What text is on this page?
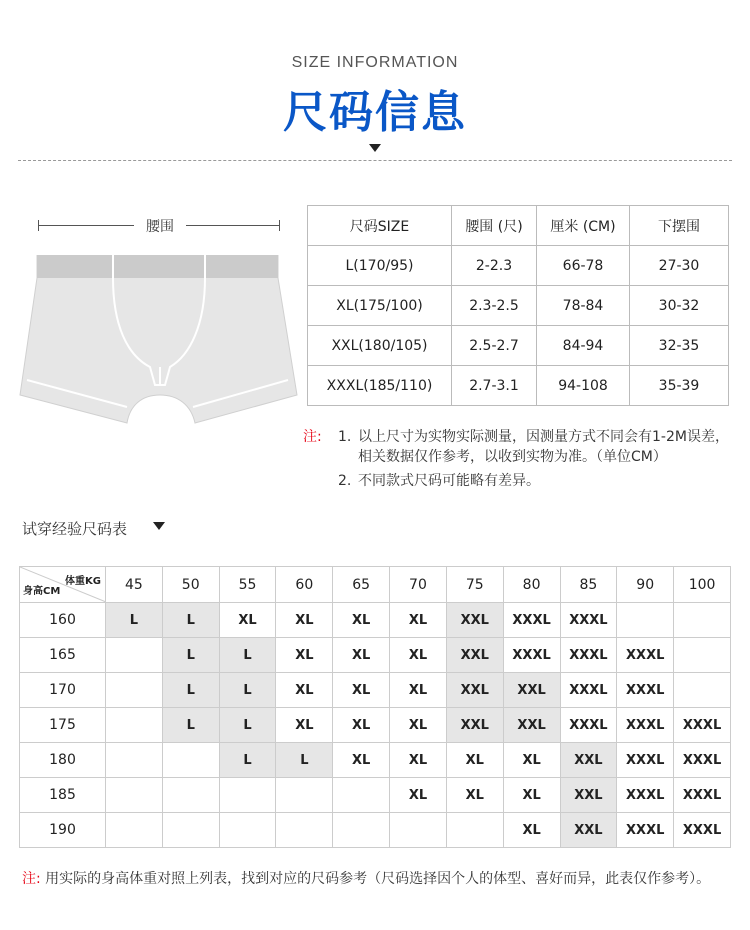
SIZE INFORMATION
尺码信息
腰围	尺码SIZE	腰围 (尺)	厘米 (CM)	下摆围
L(170/95)	2-2.3	66-78	27-30
XL(175/100)	2.3-2.5	78-84	30-32
XXL(180/105)	2.5-2.7	84-94	32-35
XXXL(185/110)	2.7-3.1	94-108	35-39
注: 1. 以上尺寸为实物实际测量，因测量方式不同会有1-2M误差，相关数据仅作参考，以收到实物为准。（单位CM）
2. 不同款式尺码可能略有差异。
试穿经验尺码表
体重KG
身高CM	45	50	55	60	65	70	75	80	85	90	100
160	L	L	XL	XL	XL	XL	XXL	XXXL	XXXL		
165		L	L	XL	XL	XL	XXL	XXXL	XXXL	XXXL	
170		L	L	XL	XL	XL	XXL	XXL	XXXL	XXXL	
175		L	L	XL	XL	XL	XXL	XXL	XXXL	XXXL	XXXL
180			L	L	XL	XL	XL	XL	XXL	XXXL	XXXL
185						XL	XL	XL	XXL	XXXL	XXXL
190								XL	XXL	XXXL	XXXL
注: 用实际的身高体重对照上列表，找到对应的尺码参考（尺码选择因个人的体型、喜好而异，此表仅作参考）。
